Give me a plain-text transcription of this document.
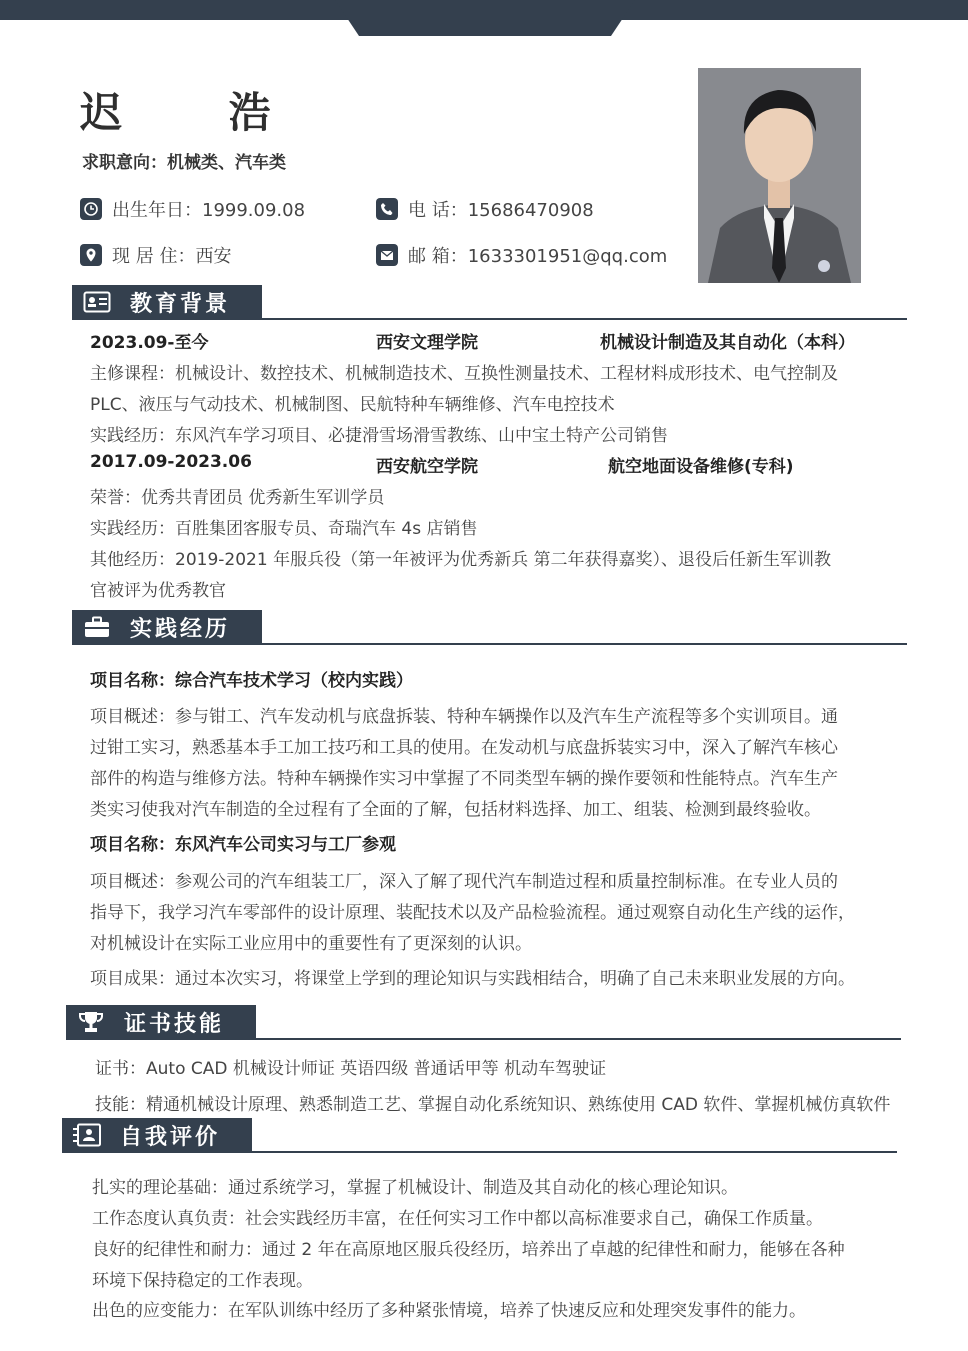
迟 浩
求职意向：机械类、汽车类
出生年日：1999.09.08	电 话：15686470908
现 居 住：西安	邮 箱：1633301951@qq.com
教育背景
2023.09-至今	西安文理学院	机械设计制造及其自动化（本科）
主修课程：机械设计、数控技术、机械制造技术、互换性测量技术、工程材料成形技术、电气控制及
PLC、液压与气动技术、机械制图、民航特种车辆维修、汽车电控技术
实践经历：东风汽车学习项目、必捷滑雪场滑雪教练、山中宝土特产公司销售
2017.09-2023.06	西安航空学院	航空地面设备维修(专科)
荣誉：优秀共青团员 优秀新生军训学员
实践经历：百胜集团客服专员、奇瑞汽车 4s 店销售
其他经历：2019-2021 年服兵役（第一年被评为优秀新兵 第二年获得嘉奖）、退役后任新生军训教
官被评为优秀教官
实践经历
项目名称：综合汽车技术学习（校内实践）
项目概述：参与钳工、汽车发动机与底盘拆装、特种车辆操作以及汽车生产流程等多个实训项目。通
过钳工实习，熟悉基本手工加工技巧和工具的使用。在发动机与底盘拆装实习中，深入了解汽车核心
部件的构造与维修方法。特种车辆操作实习中掌握了不同类型车辆的操作要领和性能特点。汽车生产
类实习使我对汽车制造的全过程有了全面的了解，包括材料选择、加工、组装、检测到最终验收。
项目名称：东风汽车公司实习与工厂参观
项目概述：参观公司的汽车组装工厂，深入了解了现代汽车制造过程和质量控制标准。在专业人员的
指导下，我学习汽车零部件的设计原理、装配技术以及产品检验流程。通过观察自动化生产线的运作，
对机械设计在实际工业应用中的重要性有了更深刻的认识。
项目成果：通过本次实习，将课堂上学到的理论知识与实践相结合，明确了自己未来职业发展的方向。
证书技能
证书：Auto CAD 机械设计师证 英语四级 普通话甲等 机动车驾驶证
技能：精通机械设计原理、熟悉制造工艺、掌握自动化系统知识、熟练使用 CAD 软件、掌握机械仿真软件
自我评价
扎实的理论基础：通过系统学习，掌握了机械设计、制造及其自动化的核心理论知识。
工作态度认真负责：社会实践经历丰富，在任何实习工作中都以高标准要求自己，确保工作质量。
良好的纪律性和耐力：通过 2 年在高原地区服兵役经历，培养出了卓越的纪律性和耐力，能够在各种
环境下保持稳定的工作表现。
出色的应变能力：在军队训练中经历了多种紧张情境，培养了快速反应和处理突发事件的能力。
